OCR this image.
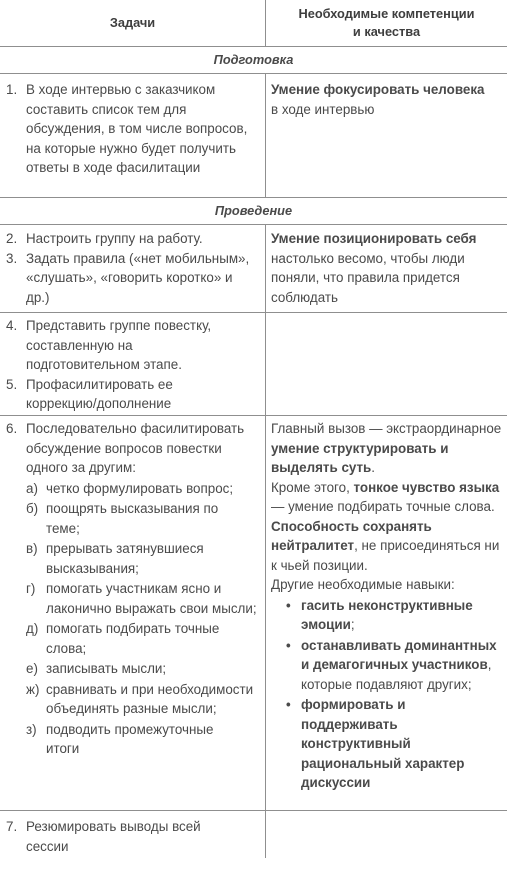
Задачи
Необходимые компетенции
и качества
Подготовка
1. В ходе интервью с заказчиком составить список тем для обсуждения, в том числе вопросов, на которые нужно будет получить ответы в ходе фасилитации
Умение фокусировать человека
в ходе интервью
Проведение
2. Настроить группу на работу.
3. Задать правила («нет мобильным», «слушать», «говорить коротко» и др.)
Умение позиционировать себя
настолько весомо, чтобы люди поняли, что правила придется соблюдать
4. Представить группе повестку, составленную на подготовительном этапе.
5. Профасилитировать ее коррекцию/дополнение
6. Последовательно фасилитировать обсуждение вопросов повестки одного за другим:
а) четко формулировать вопрос;
б) поощрять высказывания по теме;
в) прерывать затянувшиеся высказывания;
г) помогать участникам ясно и лаконично выражать свои мысли;
д) помогать подбирать точные слова;
е) записывать мысли;
ж) сравнивать и при необходимости объединять разные мысли;
з) подводить промежуточные итоги

Главный вызов — экстраординарное умение структурировать и выделять суть.

Кроме этого, тонкое чувство языка — умение подбирать точные слова.

Способность сохранять нейтралитет, не присоединяться ни к чьей позиции.

Другие необходимые навыки:

• гасить неконструктивные эмоции;
• останавливать доминантных и демагогичных участников, которые подавляют других;
• формировать и поддерживать конструктивный рациональный характер дискуссии
7. Резюмировать выводы всей сессии
